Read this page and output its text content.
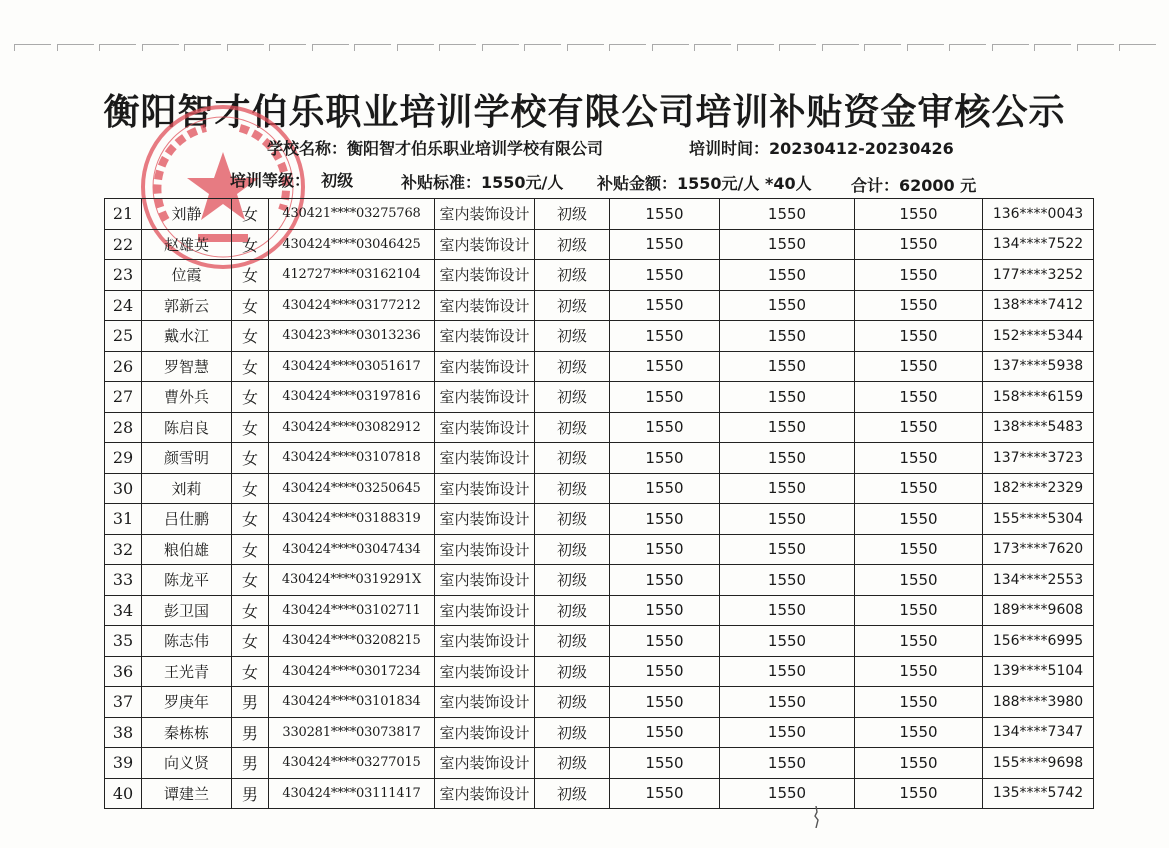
衡阳智才伯乐职业培训学校有限公司培训补贴资金审核公示
学校名称：衡阳智才伯乐职业培训学校有限公司	培训时间：20230412-20230426
培训等级： 初级	补贴标准：1550元/人 补贴金额：1550元/人 *40人 合计：62000 元
21	刘静	女	430421****03275768	室内装饰设计	初级	1550	1550	1550	136****0043
22	赵雄英	女	430424****03046425	室内装饰设计	初级	1550	1550	1550	134****7522
23	位霞	女	412727****03162104	室内装饰设计	初级	1550	1550	1550	177****3252
24	郭新云	女	430424****03177212	室内装饰设计	初级	1550	1550	1550	138****7412
25	戴水江	女	430423****03013236	室内装饰设计	初级	1550	1550	1550	152****5344
26	罗智慧	女	430424****03051617	室内装饰设计	初级	1550	1550	1550	137****5938
27	曹外兵	女	430424****03197816	室内装饰设计	初级	1550	1550	1550	158****6159
28	陈启良	女	430424****03082912	室内装饰设计	初级	1550	1550	1550	138****5483
29	颜雪明	女	430424****03107818	室内装饰设计	初级	1550	1550	1550	137****3723
30	刘莉	女	430424****03250645	室内装饰设计	初级	1550	1550	1550	182****2329
31	吕仕鹏	女	430424****03188319	室内装饰设计	初级	1550	1550	1550	155****5304
32	粮伯雄	女	430424****03047434	室内装饰设计	初级	1550	1550	1550	173****7620
33	陈龙平	女	430424****0319291X	室内装饰设计	初级	1550	1550	1550	134****2553
34	彭卫国	女	430424****03102711	室内装饰设计	初级	1550	1550	1550	189****9608
35	陈志伟	女	430424****03208215	室内装饰设计	初级	1550	1550	1550	156****6995
36	王光青	女	430424****03017234	室内装饰设计	初级	1550	1550	1550	139****5104
37	罗庚年	男	430424****03101834	室内装饰设计	初级	1550	1550	1550	188****3980
38	秦栋栋	男	330281****03073817	室内装饰设计	初级	1550	1550	1550	134****7347
39	向义贤	男	430424****03277015	室内装饰设计	初级	1550	1550	1550	155****9698
40	谭建兰	男	430424****03111417	室内装饰设计	初级	1550	1550	1550	135****5742
